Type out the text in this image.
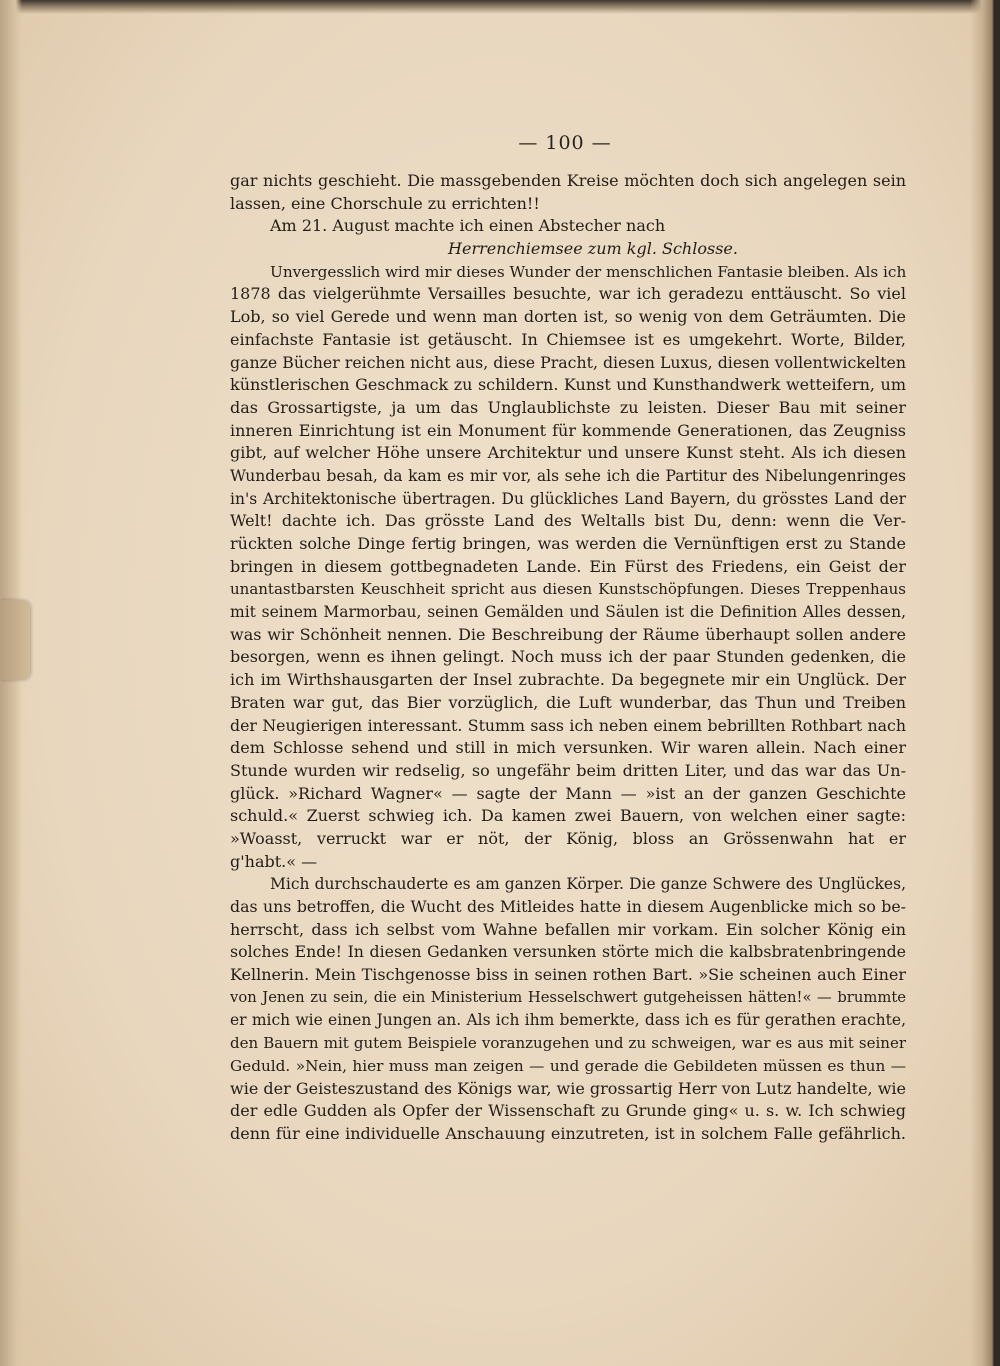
— 100 —
gar nichts geschieht. Die massgebenden Kreise möchten doch sich angelegen sein
lassen, eine Chorschule zu errichten!!
Am 21. August machte ich einen Abstecher nach
Herrenchiemsee zum kgl. Schlosse.
Unvergesslich wird mir dieses Wunder der menschlichen Fantasie bleiben. Als ich
1878 das vielgerühmte Versailles besuchte, war ich geradezu enttäuscht. So viel
Lob, so viel Gerede und wenn man dorten ist, so wenig von dem Geträumten. Die
einfachste Fantasie ist getäuscht. In Chiemsee ist es umgekehrt. Worte, Bilder,
ganze Bücher reichen nicht aus, diese Pracht, diesen Luxus, diesen vollentwickelten
künstlerischen Geschmack zu schildern. Kunst und Kunsthandwerk wetteifern, um
das Grossartigste, ja um das Unglaublichste zu leisten. Dieser Bau mit seiner
inneren Einrichtung ist ein Monument für kommende Generationen, das Zeugniss
gibt, auf welcher Höhe unsere Architektur und unsere Kunst steht. Als ich diesen
Wunderbau besah, da kam es mir vor, als sehe ich die Partitur des Nibelungenringes
in's Architektonische übertragen. Du glückliches Land Bayern, du grösstes Land der
Welt! dachte ich. Das grösste Land des Weltalls bist Du, denn: wenn die Ver-
rückten solche Dinge fertig bringen, was werden die Vernünftigen erst zu Stande
bringen in diesem gottbegnadeten Lande. Ein Fürst des Friedens, ein Geist der
unantastbarsten Keuschheit spricht aus diesen Kunstschöpfungen. Dieses Treppenhaus
mit seinem Marmorbau, seinen Gemälden und Säulen ist die Definition Alles dessen,
was wir Schönheit nennen. Die Beschreibung der Räume überhaupt sollen andere
besorgen, wenn es ihnen gelingt. Noch muss ich der paar Stunden gedenken, die
ich im Wirthshausgarten der Insel zubrachte. Da begegnete mir ein Unglück. Der
Braten war gut, das Bier vorzüglich, die Luft wunderbar, das Thun und Treiben
der Neugierigen interessant. Stumm sass ich neben einem bebrillten Rothbart nach
dem Schlosse sehend und still in mich versunken. Wir waren allein. Nach einer
Stunde wurden wir redselig, so ungefähr beim dritten Liter, und das war das Un-
glück. »Richard Wagner« — sagte der Mann — »ist an der ganzen Geschichte
schuld.« Zuerst schwieg ich. Da kamen zwei Bauern, von welchen einer sagte:
»Woasst, verruckt war er nöt, der König, bloss an Grössenwahn hat er
g'habt.« —
Mich durchschauderte es am ganzen Körper. Die ganze Schwere des Unglückes,
das uns betroffen, die Wucht des Mitleides hatte in diesem Augenblicke mich so be-
herrscht, dass ich selbst vom Wahne befallen mir vorkam. Ein solcher König ein
solches Ende! In diesen Gedanken versunken störte mich die kalbsbratenbringende
Kellnerin. Mein Tischgenosse biss in seinen rothen Bart. »Sie scheinen auch Einer
von Jenen zu sein, die ein Ministerium Hesselschwert gutgeheissen hätten!« — brummte
er mich wie einen Jungen an. Als ich ihm bemerkte, dass ich es für gerathen erachte,
den Bauern mit gutem Beispiele voranzugehen und zu schweigen, war es aus mit seiner
Geduld. »Nein, hier muss man zeigen — und gerade die Gebildeten müssen es thun —
wie der Geisteszustand des Königs war, wie grossartig Herr von Lutz handelte, wie
der edle Gudden als Opfer der Wissenschaft zu Grunde ging« u. s. w. Ich schwieg
denn für eine individuelle Anschauung einzutreten, ist in solchem Falle gefährlich.
